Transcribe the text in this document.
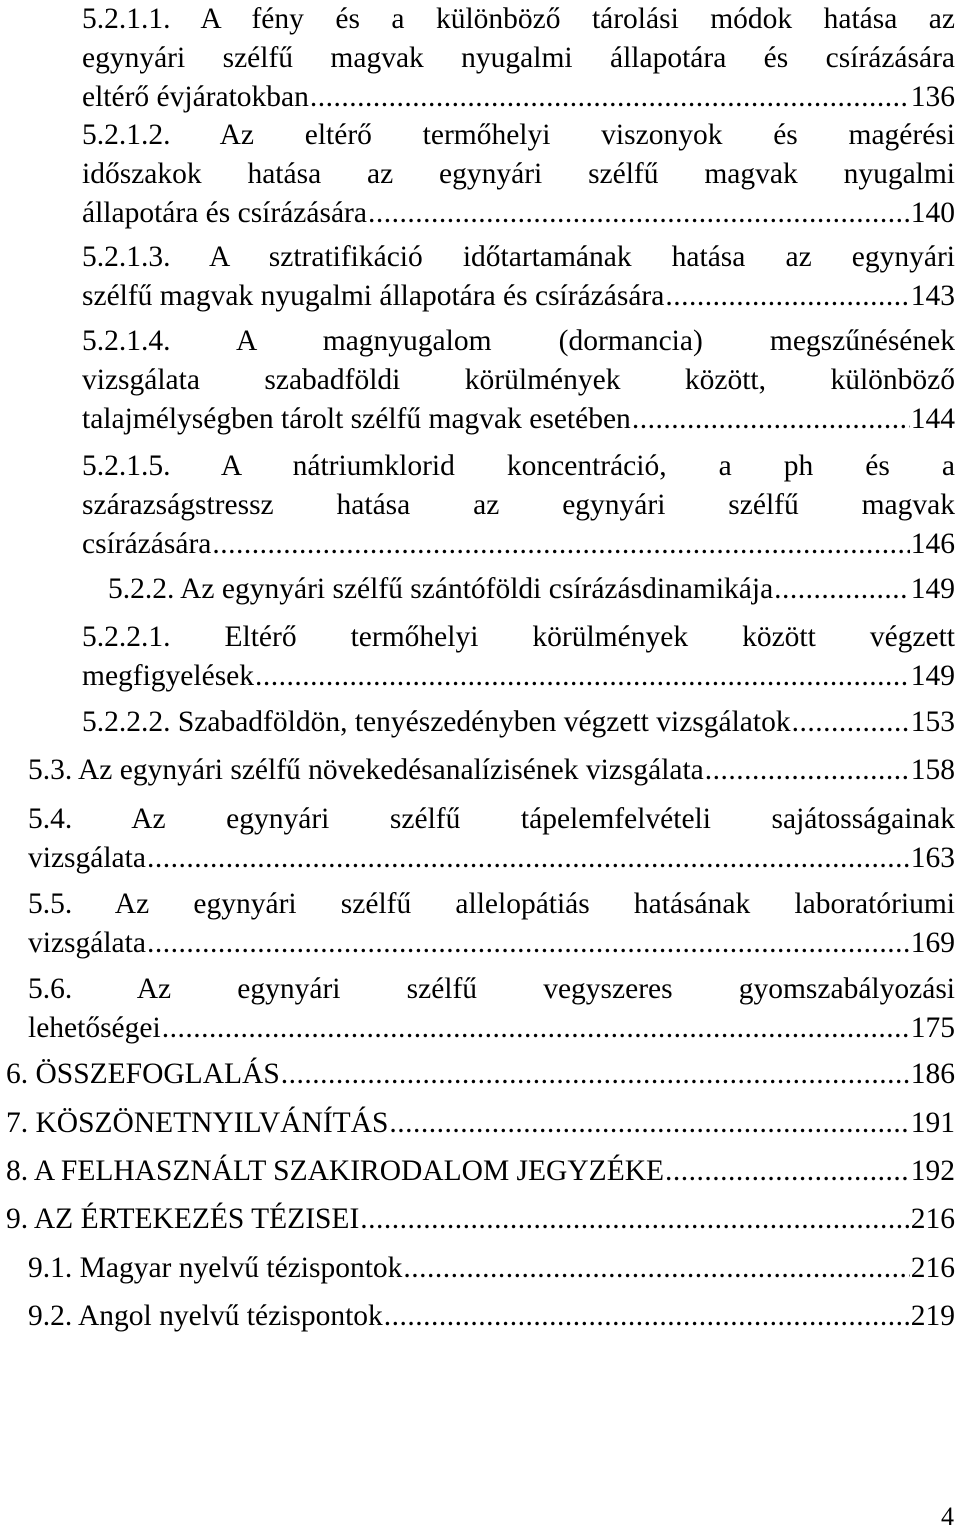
5.2.1.1. A fény és a különböző tárolási módok hatása az
egynyári szélfű magvak nyugalmi állapotára és csírázására
eltérő évjáratokban .....	136
5.2.1.2. Az eltérő termőhelyi viszonyok és magérési
időszakok hatása az egynyári szélfű magvak nyugalmi
állapotára és csírázására .....	140
5.2.1.3. A sztratifikáció időtartamának hatása az egynyári
szélfű magvak nyugalmi állapotára és csírázására .....	143
5.2.1.4. A magnyugalom (dormancia) megszűnésének
vizsgálata szabadföldi körülmények között, különböző
talajmélységben tárolt szélfű magvak esetében .....	144
5.2.1.5. A nátriumklorid koncentráció, a ph és a
szárazságstressz hatása az egynyári szélfű magvak
csírázására .....	146
5.2.2. Az egynyári szélfű szántóföldi csírázásdinamikája .....	149
5.2.2.1. Eltérő termőhelyi körülmények között végzett
megfigyelések .....	149
5.2.2.2. Szabadföldön, tenyészedényben végzett vizsgálatok .....	153
5.3. Az egynyári szélfű növekedésanalízisének vizsgálata .....	158
5.4. Az egynyári szélfű tápelemfelvételi sajátosságainak
vizsgálata .....	163
5.5. Az egynyári szélfű allelopátiás hatásának laboratóriumi
vizsgálata .....	169
5.6. Az egynyári szélfű vegyszeres gyomszabályozási
lehetőségei .....	175
6. ÖSSZEFOGLALÁS .....	186
7. KÖSZÖNETNYILVÁNÍTÁS .....	191
8. A FELHASZNÁLT SZAKIRODALOM JEGYZÉKE .....	192
9. AZ ÉRTEKEZÉS TÉZISEI .....	216
9.1. Magyar nyelvű tézispontok .....	216
9.2. Angol nyelvű tézispontok .....	219
4
